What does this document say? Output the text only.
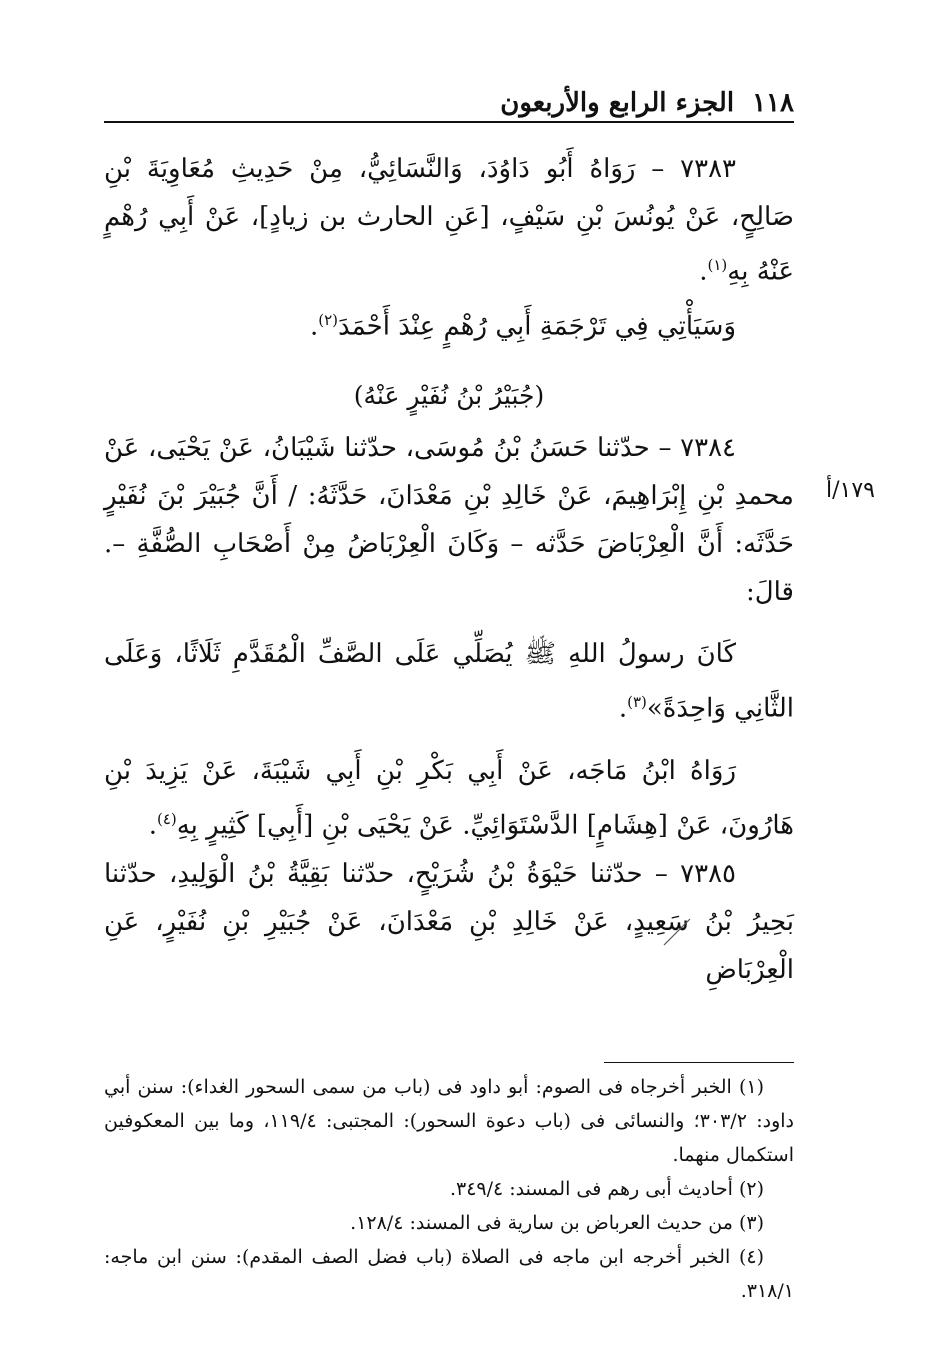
١١٨
الجزء الرابع والأربعون
١٧٩/أ

٧٣٨٣ – رَوَاهُ أَبُو دَاوُدَ، وَالنَّسَائِيُّ، مِنْ حَدِيثِ مُعَاوِيَةَ بْنِ صَالِحٍ، عَنْ يُونُسَ بْنِ سَيْفٍ، [عَنِ الحارث بن زيادٍ]، عَنْ أَبِي رُهْمٍ عَنْهُ بِهِ$^{(١)}$.

وَسَيَأْتِي فِي تَرْجَمَةِ أَبِي رُهْمٍ عِنْدَ أَحْمَدَ$^{(٢)}$.

(جُبَيْرُ بْنُ نُفَيْرٍ عَنْهُ)

٧٣٨٤ – حدّثنا حَسَنُ بْنُ مُوسَى، حدّثنا شَيْبَانُ، عَنْ يَحْيَى، عَنْ محمدِ بْنِ إِبْرَاهِيمَ، عَنْ خَالِدِ بْنِ مَعْدَانَ، حَدَّثَهُ: / أَنَّ جُبَيْرَ بْنَ نُفَيْرٍ حَدَّثَه: أَنَّ الْعِرْبَاضَ حَدَّثه – وَكَانَ الْعِرْبَاضُ مِنْ أَصْحَابِ الصُّفَّةِ –. قالَ:

كَانَ رسولُ اللهِ ﷺ يُصَلِّي عَلَى الصَّفِّ الْمُقَدَّمِ ثَلَاثًا، وَعَلَى الثَّانِي وَاحِدَةً»$^{(٣)}$.

رَوَاهُ ابْنُ مَاجَه، عَنْ أَبِي بَكْرِ بْنِ أَبِي شَيْبَةَ، عَنْ يَزِيدَ بْنِ هَارُونَ، عَنْ [هِشَامٍ] الدَّسْتَوَائِيِّ. عَنْ يَحْيَى بْنِ [أَبِي] كَثِيرٍ بِهِ$^{(٤)}$.

٧٣٨٥ – حدّثنا حَيْوَةُ بْنُ شُرَيْحٍ، حدّثنا بَقِيَّةُ بْنُ الْوَلِيدِ، حدّثنا بَحِيرُ بْنُ سَعِيدٍ، عَنْ خَالِدِ بْنِ مَعْدَانَ، عَنْ جُبَيْرِ بْنِ نُفَيْرٍ، عَنِ الْعِرْبَاضِ

(١) الخبر أخرجاه فى الصوم: أبو داود فى (باب من سمى السحور الغداء): سنن أبي داود: ٣٠٣/٢؛ والنسائى فى (باب دعوة السحور): المجتبى: ١١٩/٤، وما بين المعكوفين استكمال منهما.

(٢) أحاديث أبى رهم فى المسند: ٣٤٩/٤.

(٣) من حديث العرباض بن سارية فى المسند: ١٢٨/٤.

(٤) الخبر أخرجه ابن ماجه فى الصلاة (باب فضل الصف المقدم): سنن ابن ماجه: ٣١٨/١.
